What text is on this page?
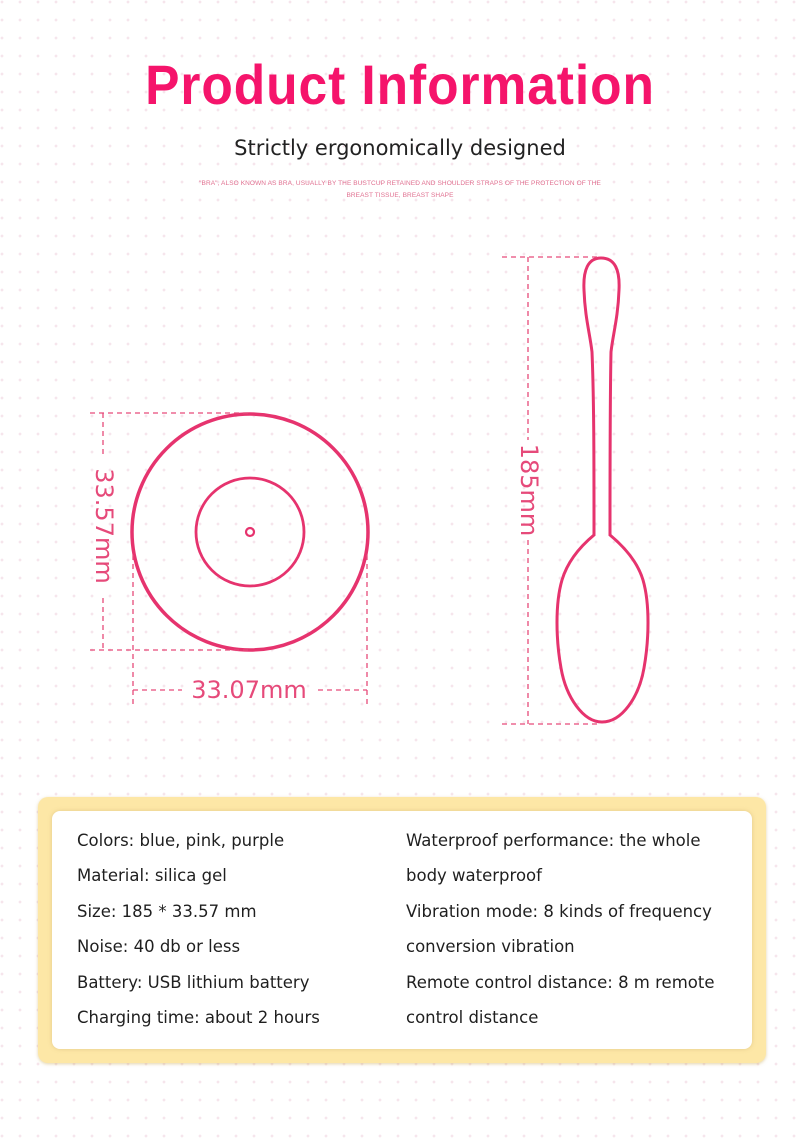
Product Information
Strictly ergonomically designed
"BRA", ALSO KNOWN AS BRA, USUALLY BY THE BUSTCUP RETAINED AND SHOULDER STRAPS OF THE PROTECTION OF THE
BREAST TISSUE, BREAST SHAPE
33.57mm
33.07mm
185mm
Colors: blue, pink, purple
Material: silica gel
Size: 185 * 33.57 mm
Noise: 40 db or less
Battery: USB lithium battery
Charging time: about 2 hours
Waterproof performance: the whole
body waterproof
Vibration mode: 8 kinds of frequency
conversion vibration
Remote control distance: 8 m remote
control distance
